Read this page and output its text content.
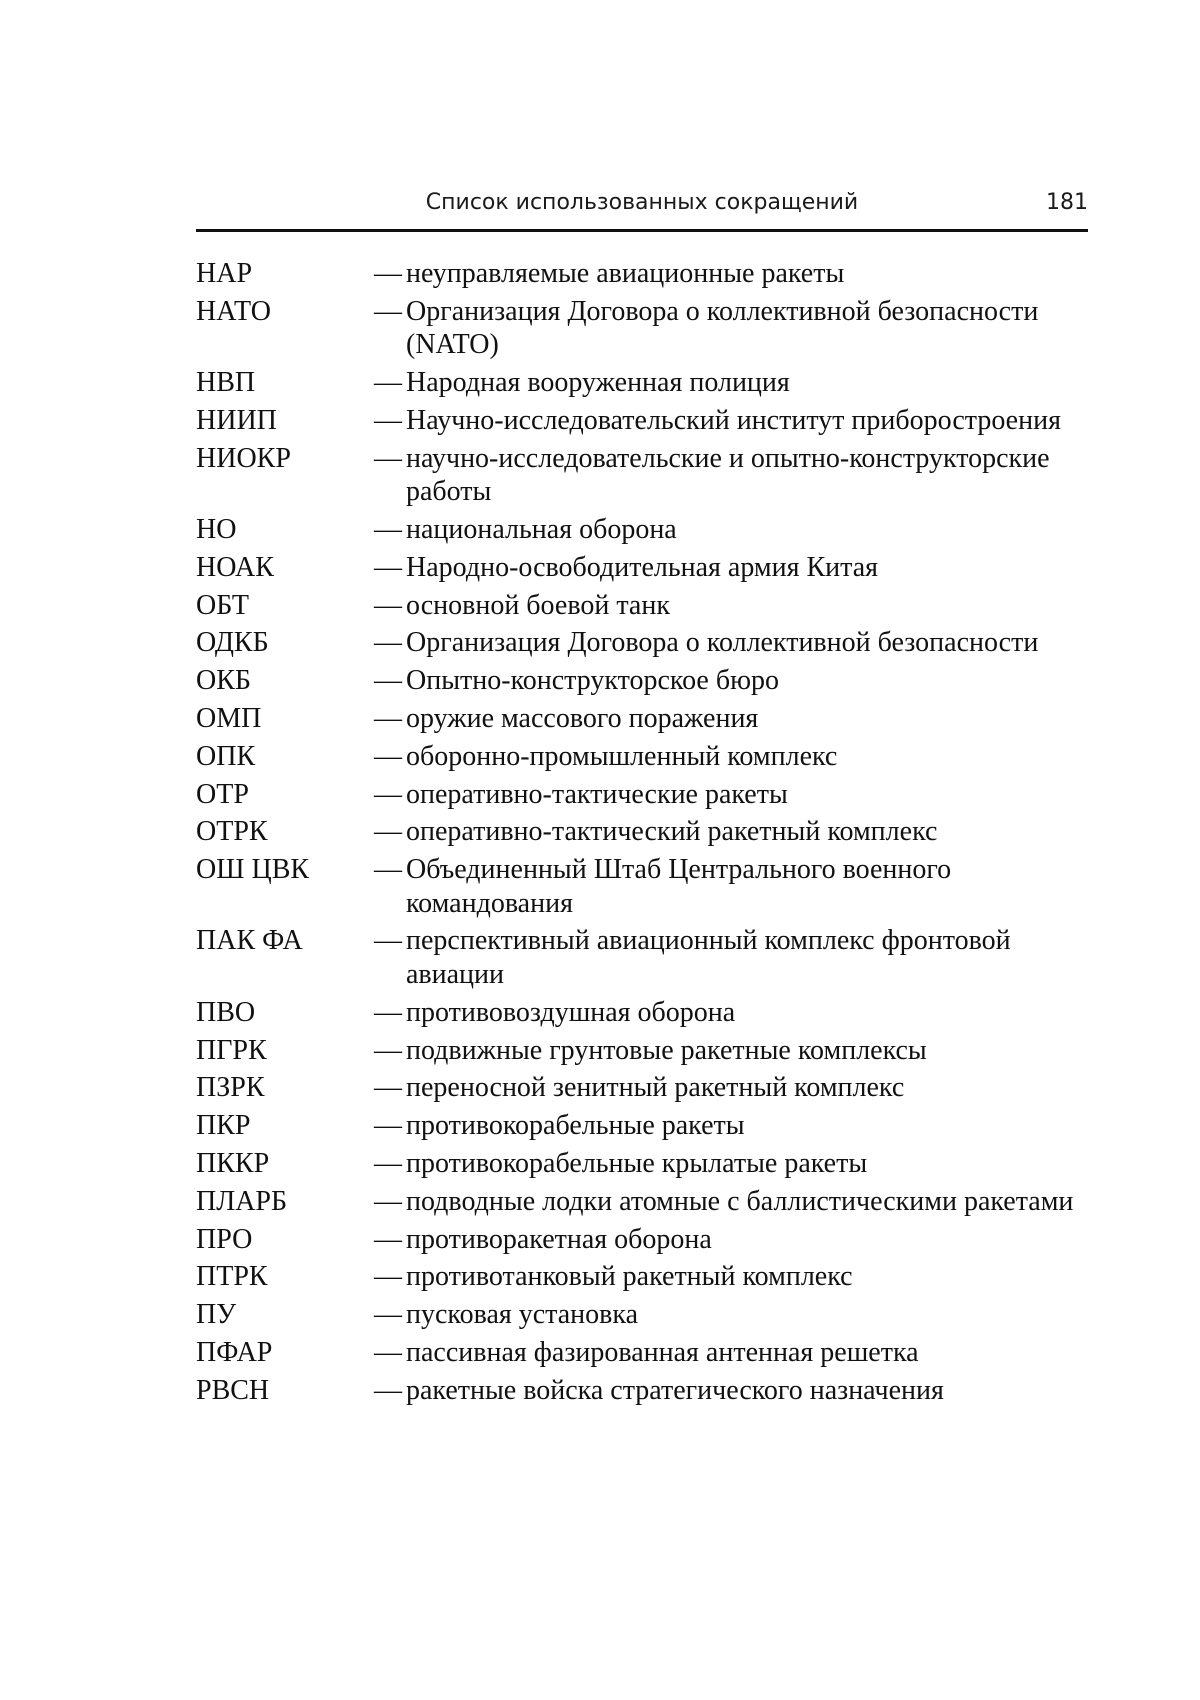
Список использованных сокращений	181
НАР	— неуправляемые авиационные ракеты
НАТО	— Организация Договора о коллективной безопасности (NATO)
НВП	— Народная вооруженная полиция
НИИП	— Научно-исследовательский институт приборостроения
НИОКР	— научно-исследовательские и опытно-конструкторские работы
НО	— национальная оборона
НОАК	— Народно-освободительная армия Китая
ОБТ	— основной боевой танк
ОДКБ	— Организация Договора о коллективной безопасности
ОКБ	— Опытно-конструкторское бюро
ОМП	— оружие массового поражения
ОПК	— оборонно-промышленный комплекс
ОТР	— оперативно-тактические ракеты
ОТРК	— оперативно-тактический ракетный комплекс
ОШ ЦВК	— Объединенный Штаб Центрального военного командования
ПАК ФА	— перспективный авиационный комплекс фронтовой авиации
ПВО	— противовоздушная оборона
ПГРК	— подвижные грунтовые ракетные комплексы
ПЗРК	— переносной зенитный ракетный комплекс
ПКР	— противокорабельные ракеты
ПККР	— противокорабельные крылатые ракеты
ПЛАРБ	— подводные лодки атомные с баллистическими ракетами
ПРО	— противоракетная оборона
ПТРК	— противотанковый ракетный комплекс
ПУ	— пусковая установка
ПФАР	— пассивная фазированная антенная решетка
РВСН	— ракетные войска стратегического назначения
